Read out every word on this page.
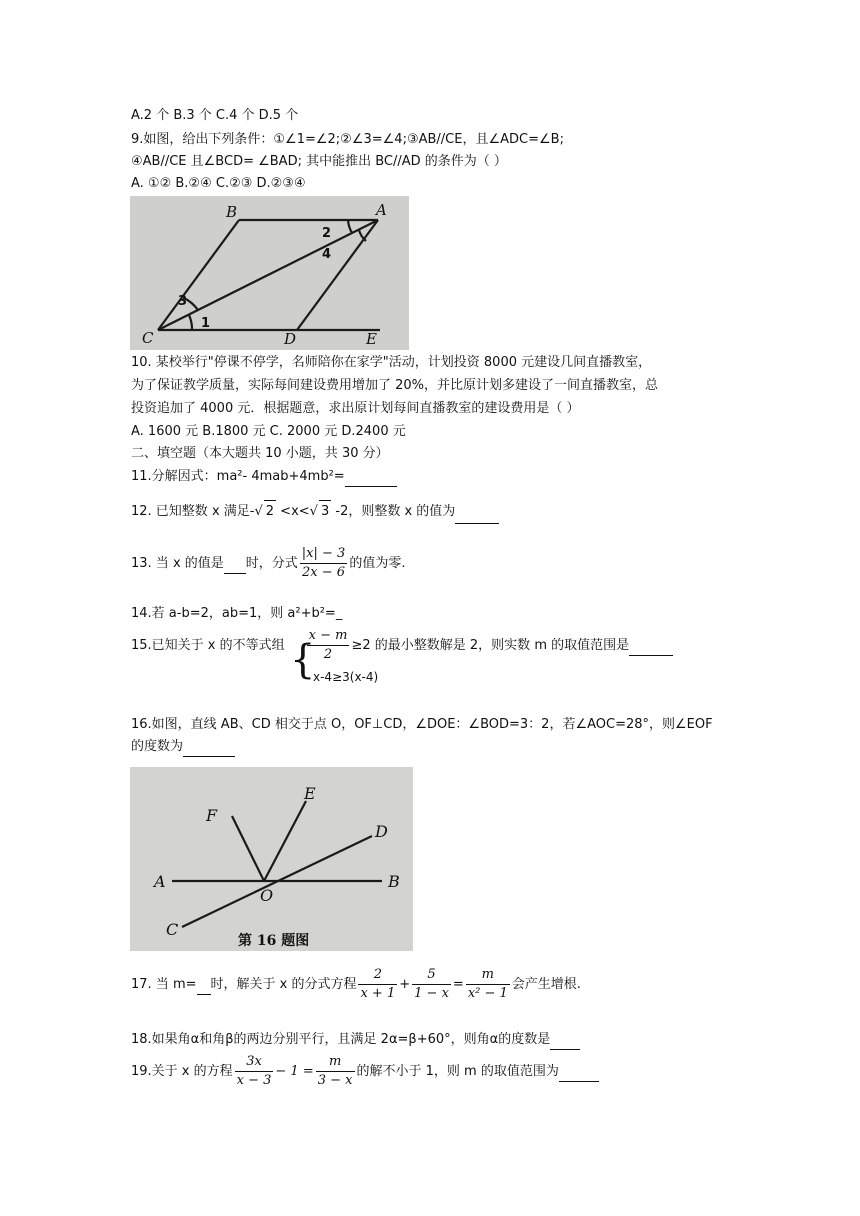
A.2 个 B.3 个 C.4 个 D.5 个
9.如图，给出下列条件：①∠1=∠2;②∠3=∠4;③AB//CE，且∠ADC=∠B;
④AB//CE 且∠BCD= ∠BAD; 其中能推出 BC//AD 的条件为（ ）
A. ①② B.②④ C.②③ D.②③④
B	A
C	D	E
1
2
3
4
10. 某校举行"停课不停学，名师陪你在家学"活动，计划投资 8000 元建设几间直播教室，
为了保证教学质量，实际每间建设费用增加了 20%，并比原计划多建设了一间直播教室，总
投资追加了 4000 元．根据题意，求出原计划每间直播教室的建设费用是（ ）
A. 1600 元 B.1800 元 C. 2000 元 D.2400 元
二、填空题（本大题共 10 小题，共 30 分）
11.分解因式：ma²- 4mab+4mb²=
12. 已知整数 x 满足-√ 2 <x<√ 3 -2，则整数 x 的值为
13. 当 x 的值是 时，分式 $\frac{|x| - 3}{2x - 6}$ 的值为零.
14.若 a-b=2，ab=1，则 a²+b²=_
15.已知关于 x 的不等式组 $\frac{x - m}{2} \ge 2$ 的最小整数解是 2，则实数 m 的取值范围是
{
x-4≥3(x-4)
16.如图，直线 AB、CD 相交于点 O，OF⊥CD，∠DOE：∠BOD=3：2，若∠AOC=28°，则∠EOF
的度数为
A	B
C
D
E
F
O
第 16 题图
17. 当 m= 时，解关于 x 的分式方程 $\frac{2}{x + 1} + \frac{5}{1 - x} = \frac{m}{\text{x² − 1}}$ 会产生增根.
18.如果角α和角β的两边分别平行，且满足 2α=β+60°，则角α的度数是
19.关于 x 的方程 $\frac{3x}{x - 3} - 1 = \frac{m}{3 - x}$ 的解不小于 1，则 m 的取值范围为
